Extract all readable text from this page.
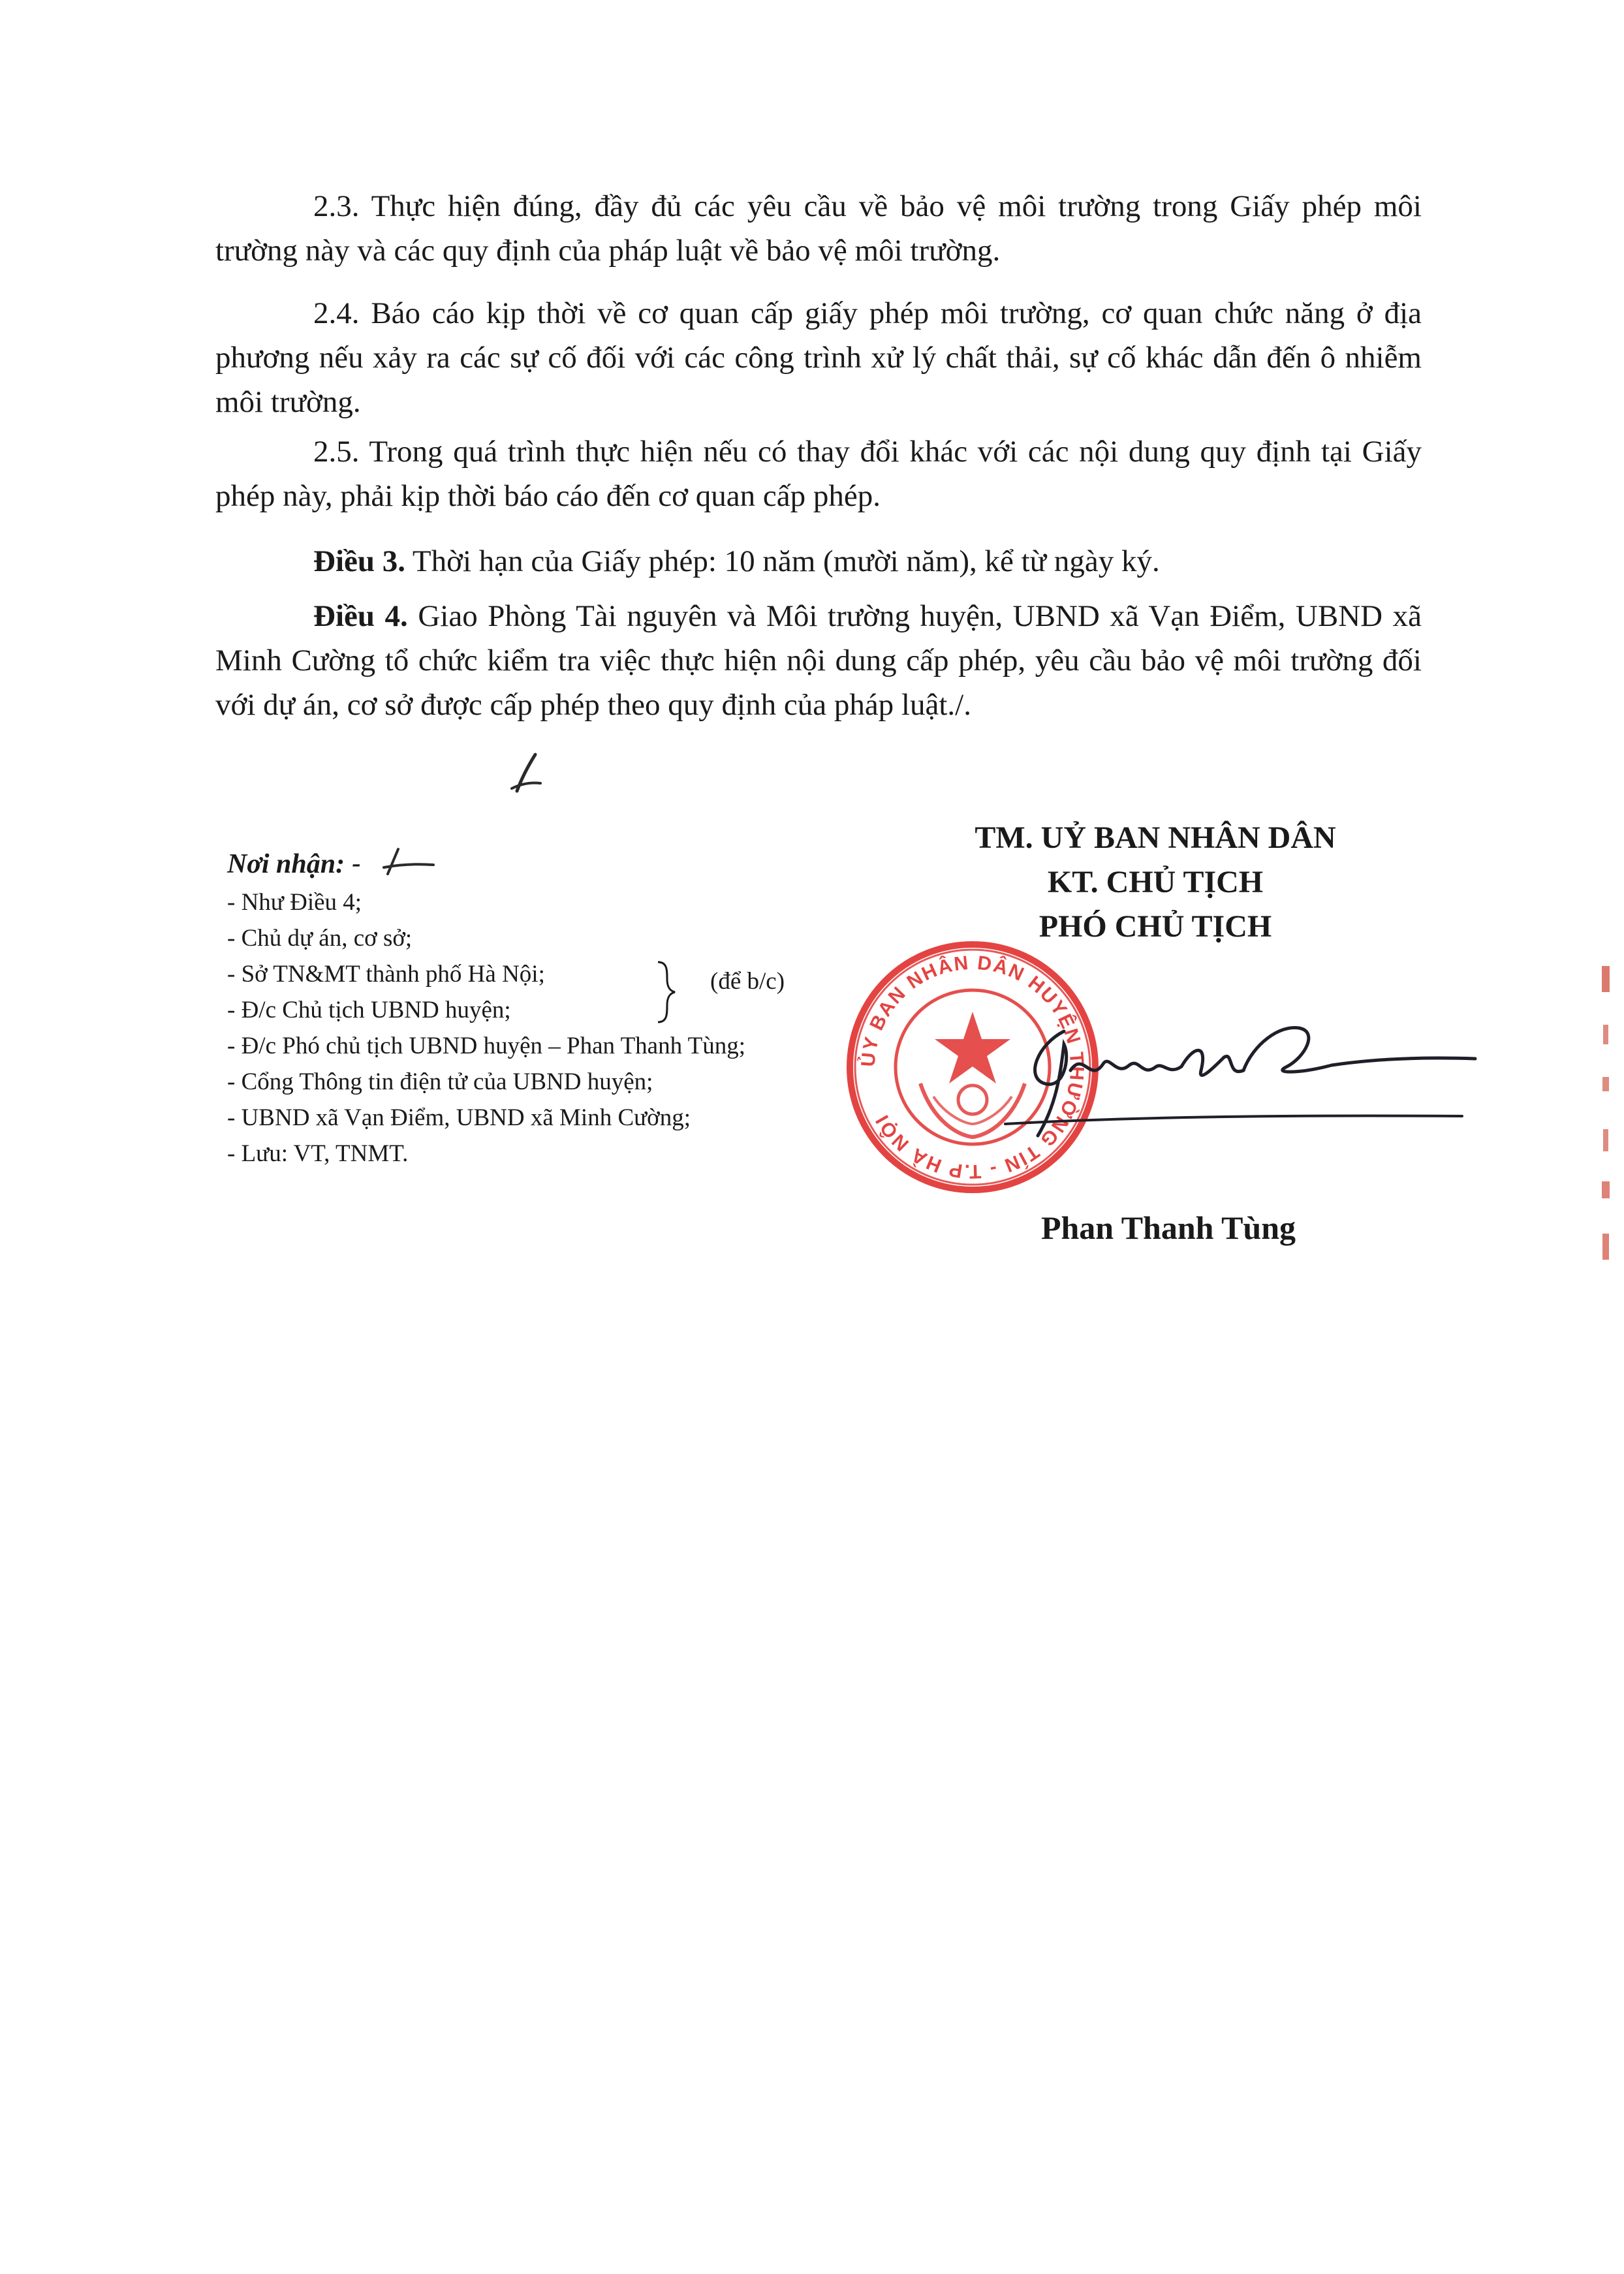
2.3. Thực hiện đúng, đầy đủ các yêu cầu về bảo vệ môi trường trong Giấy phép môi trường này và các quy định của pháp luật về bảo vệ môi trường.

2.4. Báo cáo kịp thời về cơ quan cấp giấy phép môi trường, cơ quan chức năng ở địa phương nếu xảy ra các sự cố đối với các công trình xử lý chất thải, sự cố khác dẫn đến ô nhiễm môi trường.

2.5. Trong quá trình thực hiện nếu có thay đổi khác với các nội dung quy định tại Giấy phép này, phải kịp thời báo cáo đến cơ quan cấp phép.

Điều 3. Thời hạn của Giấy phép: 10 năm (mười năm), kể từ ngày ký.

Điều 4. Giao Phòng Tài nguyên và Môi trường huyện, UBND xã Vạn Điểm, UBND xã Minh Cường tổ chức kiểm tra việc thực hiện nội dung cấp phép, yêu cầu bảo vệ môi trường đối với dự án, cơ sở được cấp phép theo quy định của pháp luật./.

Nơi nhận: -
- Như Điều 4;
- Chủ dự án, cơ sở;
- Sở TN&MT thành phố Hà Nội;
- Đ/c Chủ tịch UBND huyện;
- Đ/c Phó chủ tịch UBND huyện – Phan Thanh Tùng;
- Cổng Thông tin điện tử của UBND huyện;
- UBND xã Vạn Điểm, UBND xã Minh Cường;
- Lưu: VT, TNMT.
(để b/c)
TM. UỶ BAN NHÂN DÂN
KT. CHỦ TỊCH
PHÓ CHỦ TỊCH
ỦY BAN NHÂN DÂN HUYỆN THƯỜNG TÍN - T.P HÀ NỘI
Phan Thanh Tùng
